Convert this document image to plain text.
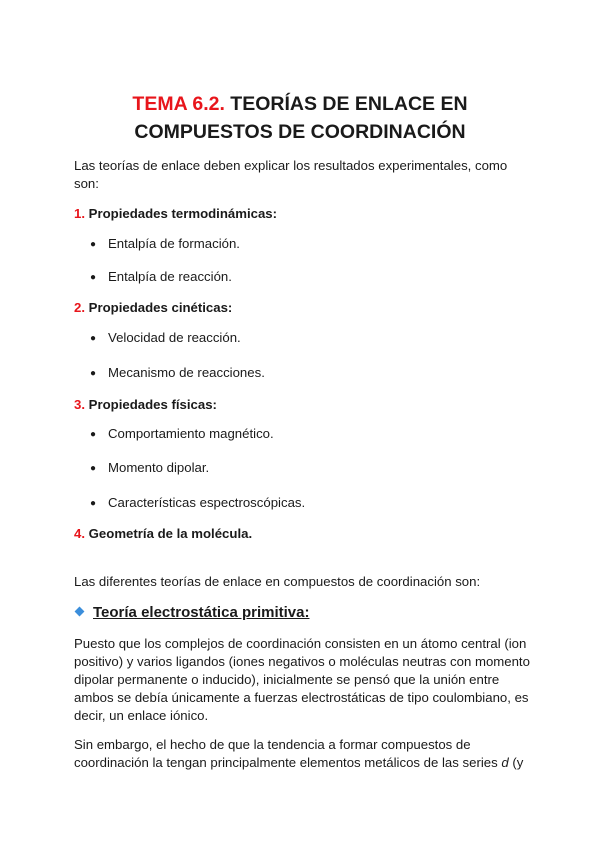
TEMA 6.2. TEORÍAS DE ENLACE EN
COMPUESTOS DE COORDINACIÓN

Las teorías de enlace deben explicar los resultados experimentales, como
son:

1. Propiedades termodinámicas:
● Entalpía de formación.
● Entalpía de reacción.
2. Propiedades cinéticas:
● Velocidad de reacción.
● Mecanismo de reacciones.
3. Propiedades físicas:
● Comportamiento magnético.
● Momento dipolar.
● Características espectroscópicas.
4. Geometría de la molécula.

Las diferentes teorías de enlace en compuestos de coordinación son:

Teoría electrostática primitiva:

Puesto que los complejos de coordinación consisten en un átomo central (ion
positivo) y varios ligandos (iones negativos o moléculas neutras con momento
dipolar permanente o inducido), inicialmente se pensó que la unión entre
ambos se debía únicamente a fuerzas electrostáticas de tipo coulombiano, es
decir, un enlace iónico.

Sin embargo, el hecho de que la tendencia a formar compuestos de
coordinación la tengan principalmente elementos metálicos de las series d (y
